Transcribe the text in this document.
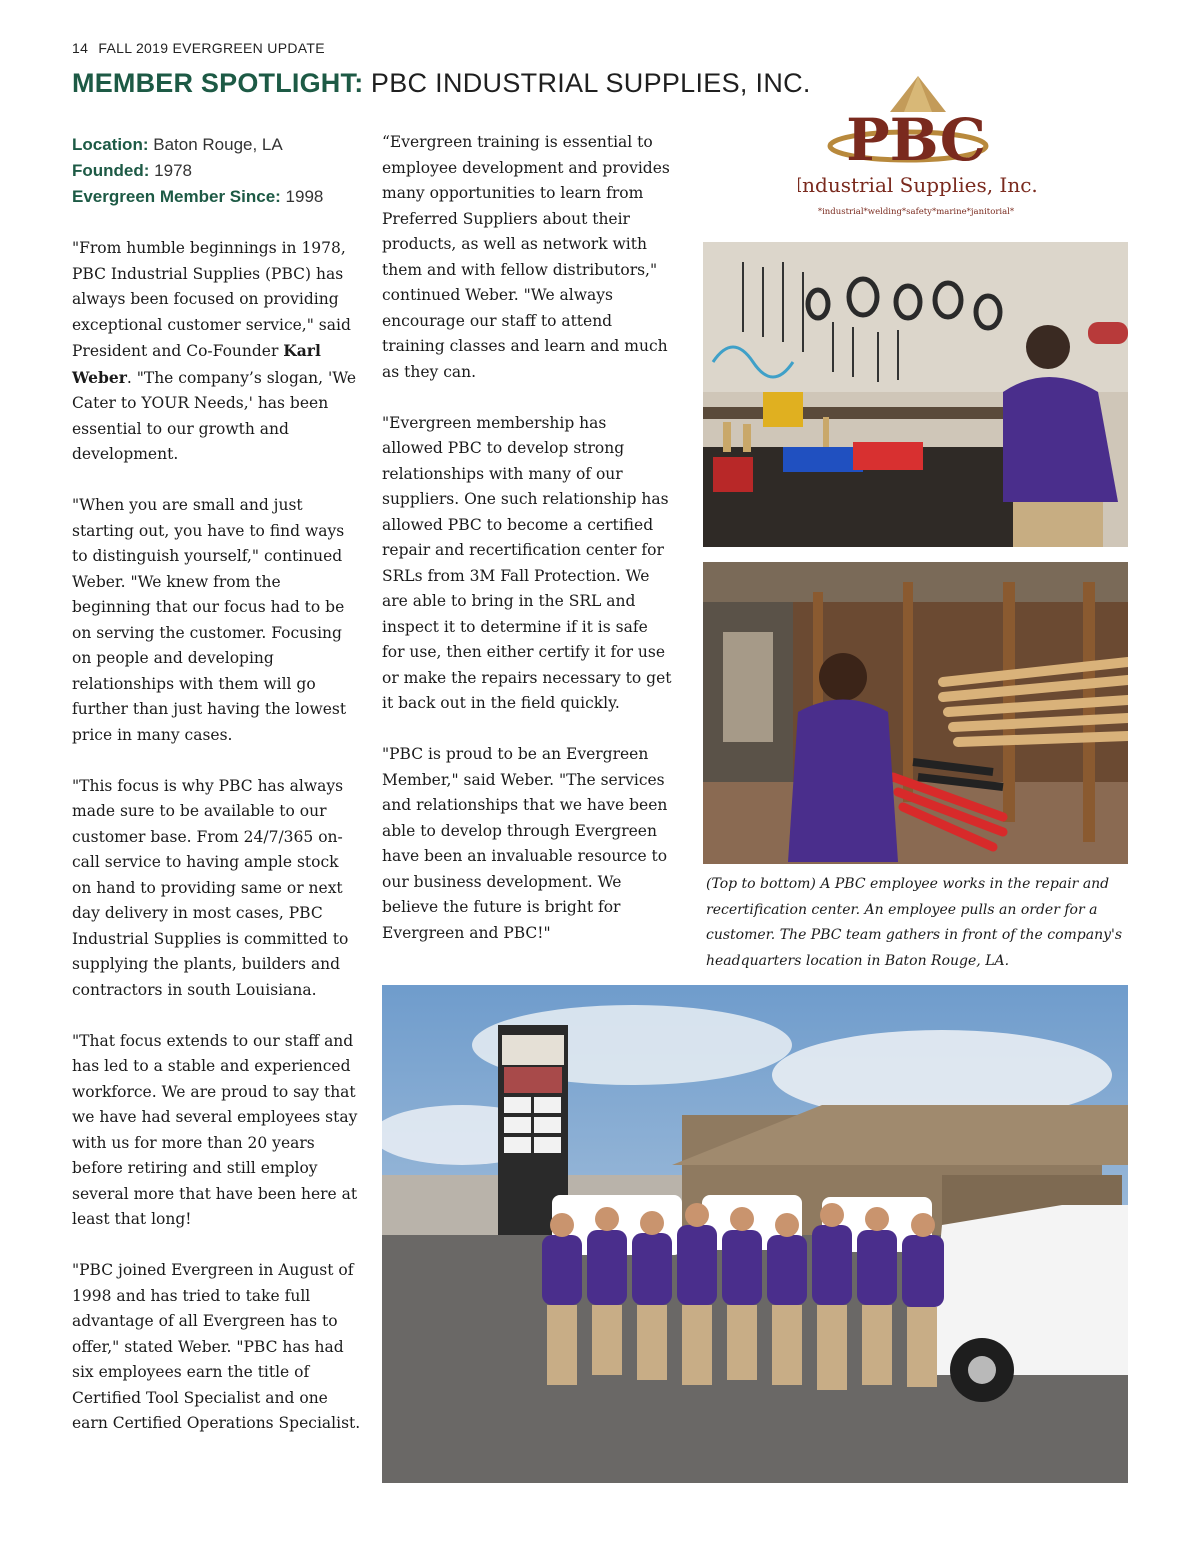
14 FALL 2019 EVERGREEN UPDATE
MEMBER SPOTLIGHT: PBC INDUSTRIAL SUPPLIES, INC.
Location: Baton Rouge, LA
Founded: 1978
Evergreen Member Since: 1998

"From humble beginnings in 1978, PBC Industrial Supplies (PBC) has always been focused on providing exceptional customer service," said President and Co-Founder Karl Weber. "The company’s slogan, 'We Cater to YOUR Needs,' has been essential to our growth and development.

"When you are small and just starting out, you have to find ways to distinguish yourself," continued Weber. "We knew from the beginning that our focus had to be on serving the customer. Focusing on people and developing relationships with them will go further than just having the lowest price in many cases.

"This focus is why PBC has always made sure to be available to our customer base. From 24/7/365 on-call service to having ample stock on hand to providing same or next day delivery in most cases, PBC Industrial Supplies is committed to supplying the plants, builders and contractors in south Louisiana.

"That focus extends to our staff and has led to a stable and experienced workforce. We are proud to say that we have had several employees stay with us for more than 20 years before retiring and still employ several more that have been here at least that long!

"PBC joined Evergreen in August of 1998 and has tried to take full advantage of all Evergreen has to offer," stated Weber. "PBC has had six employees earn the title of Certified Tool Specialist and one earn Certified Operations Specialist.

“Evergreen training is essential to employee development and provides many opportunities to learn from Preferred Suppliers about their products, as well as network with them and with fellow distributors," continued Weber. "We always encourage our staff to attend training classes and learn and much as they can.

"Evergreen membership has allowed PBC to develop strong relationships with many of our suppliers. One such relationship has allowed PBC to become a certified repair and recertification center for SRLs from 3M Fall Protection. We are able to bring in the SRL and inspect it to determine if it is safe for use, then either certify it for use or make the repairs necessary to get it back out in the field quickly.

"PBC is proud to be an Evergreen Member," said Weber. "The services and relationships that we have been able to develop through Evergreen have been an invaluable resource to our business development. We believe the future is bright for Evergreen and PBC!"

PBC
Industrial Supplies, Inc.
*industrial*welding*safety*marine*janitorial*
(Top to bottom) A PBC employee works in the repair and recertification center. An employee pulls an order for a customer. The PBC team gathers in front of the company's headquarters location in Baton Rouge, LA.
